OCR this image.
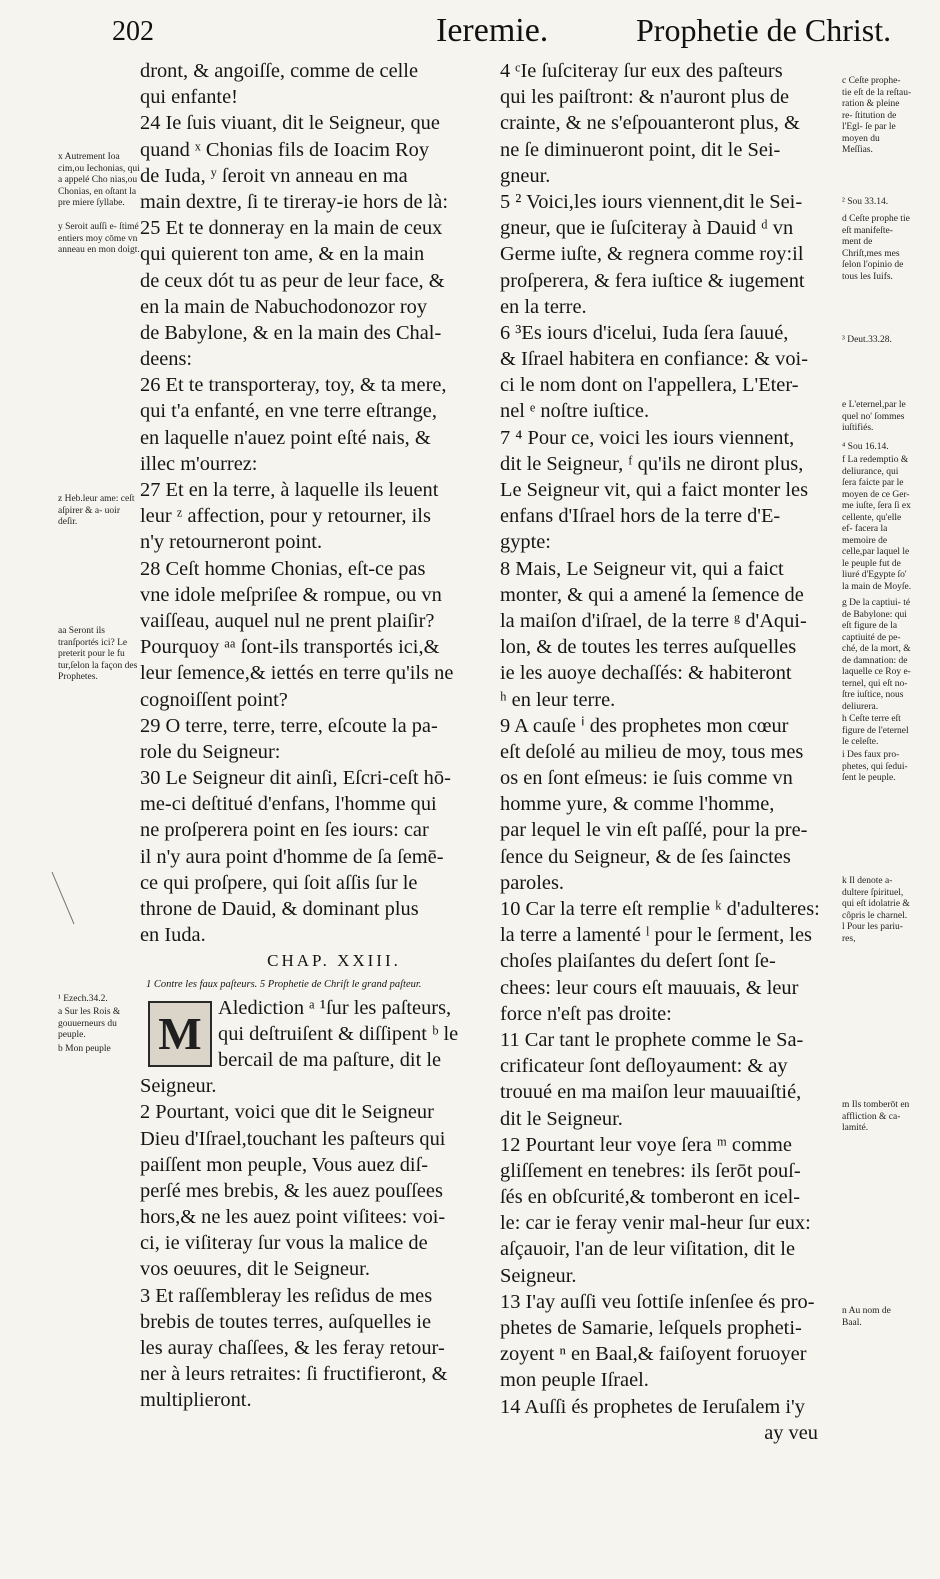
202	Ieremie.	Prophetie de Christ.
dront, & angoiſſe, comme de celle
qui enfante!
24 Ie ſuis viuant, dit le Seigneur, que
quand ˣ Chonias fils de Ioacim Roy
de Iuda, ʸ ſeroit vn anneau en ma
main dextre, ſi te tireray-ie hors de là:
25 Et te donneray en la main de ceux
qui quierent ton ame, & en la main
de ceux dót tu as peur de leur face, &
en la main de Nabuchodonozor roy
de Babylone, & en la main des Chal-
deens:
26 Et te transporteray, toy, & ta mere,
qui t'a enfanté, en vne terre eſtrange,
en laquelle n'auez point eſté nais, &
illec m'ourrez:
27 Et en la terre, à laquelle ils leuent
leur ᶻ affection, pour y retourner, ils
n'y retourneront point.
28 Ceſt homme Chonias, eſt-ce pas
vne idole meſpriſee & rompue, ou vn
vaiſſeau, auquel nul ne prent plaiſir?
Pourquoy ᵃᵃ ſont-ils transportés ici,&
leur ſemence,& iettés en terre qu'ils ne
cognoiſſent point?
29 O terre, terre, terre, eſcoute la pa-
role du Seigneur:
30 Le Seigneur dit ainſi, Eſcri-ceſt hō-
me-ci deſtitué d'enfans, l'homme qui
ne proſperera point en ſes iours: car
il n'y aura point d'homme de ſa ſemē-
ce qui proſpere, qui ſoit aſſis ſur le
throne de Dauid, & dominant plus
en Iuda.
CHAP. XXIII.
1 Contre les faux paſteurs. 5 Prophetie de Chriſt le grand paſteur.
M Alediction ᵃ ¹ſur les paſteurs,
qui deſtruiſent & diſſipent ᵇ le
bercail de ma paſture, dit le
Seigneur.
2 Pourtant, voici que dit le Seigneur
Dieu d'Iſrael,touchant les paſteurs qui
paiſſent mon peuple, Vous auez diſ-
perſé mes brebis, & les auez pouſſees
hors,& ne les auez point viſitees: voi-
ci, ie viſiteray ſur vous la malice de
vos oeuures, dit le Seigneur.
3 Et raſſembleray les reſidus de mes
brebis de toutes terres, auſquelles ie
les auray chaſſees, & les feray retour-
ner à leurs retraites: ſi fructifieront, &
multiplieront.
4 ᶜIe ſuſciteray ſur eux des paſteurs
qui les paiſtront: & n'auront plus de
crainte, & ne s'eſpouanteront plus, &
ne ſe diminueront point, dit le Sei-
gneur.
5 ² Voici,les iours viennent,dit le Sei-
gneur, que ie ſuſciteray à Dauid ᵈ vn
Germe iuſte, & regnera comme roy:il
proſperera, & fera iuſtice & iugement
en la terre.
6 ³Es iours d'icelui, Iuda ſera ſauué,
& Iſrael habitera en confiance: & voi-
ci le nom dont on l'appellera, L'Eter-
nel ᵉ noſtre iuſtice.
7 ⁴ Pour ce, voici les iours viennent,
dit le Seigneur, ᶠ qu'ils ne diront plus,
Le Seigneur vit, qui a faict monter les
enfans d'Iſrael hors de la terre d'E-
gypte:
8 Mais, Le Seigneur vit, qui a faict
monter, & qui a amené la ſemence de
la maiſon d'iſrael, de la terre ᵍ d'Aqui-
lon, & de toutes les terres auſquelles
ie les auoye dechaſſés: & habiteront
ʰ en leur terre.
9 A cauſe ⁱ des prophetes mon cœur
eſt deſolé au milieu de moy, tous mes
os en ſont eſmeus: ie ſuis comme vn
homme yure, & comme l'homme,
par lequel le vin eſt paſſé, pour la pre-
ſence du Seigneur, & de ſes ſainctes
paroles.
10 Car la terre eſt remplie ᵏ d'adulteres:
la terre a lamenté ˡ pour le ſerment, les
choſes plaiſantes du deſert ſont ſe-
chees: leur cours eſt mauuais, & leur
force n'eſt pas droite:
11 Car tant le prophete comme le Sa-
crificateur ſont deſloyaument: & ay
trouué en ma maiſon leur mauuaiſtié,
dit le Seigneur.
12 Pourtant leur voye ſera ᵐ comme
gliſſement en tenebres: ils ſerōt pouſ-
ſés en obſcurité,& tomberont en icel-
le: car ie feray venir mal-heur ſur eux:
aſçauoir, l'an de leur viſitation, dit le
Seigneur.
13 I'ay auſſi veu ſottiſe inſenſee és pro-
phetes de Samarie, leſquels propheti-
zoyent ⁿ en Baal,& faiſoyent foruoyer
mon peuple Iſrael.
14 Auſſi és prophetes de Ieruſalem i'y
ay veu
x Autrement Ioa cim,ou Iechonias, qui a appelé Cho nias,ou Chonias, en oſtant la pre miere ſyllabe.
y Seroit auſſi e- ſtimé entiers moy cōme vn anneau en mon doigt.
z Heb.leur ame: ceſt aſpirer & a- uoir deſir.
aa Seront ils tranſportés ici? Le preterit pour le fu tur,ſelon la façon des Prophetes.
¹ Ezech.34.2.
a Sur les Rois & gouuerneurs du peuple.
b Mon peuple
c Ceſte prophe- tie eſt de la reſtau- ration & pleine re- ſtitution de l'Egl- ſe par le moyen du Meſſias.
² Sou 33.14.
d Ceſte prophe tie eſt manifeſte- ment de Chriſt,mes mes ſelon l'opinio de tous les Iuifs.
³ Deut.33.28.
e L'eternel,par le quel no' ſommes iuſtifiés.
⁴ Sou 16.14.
f La redemptio & deliurance, qui ſera faicte par le moyen de ce Ger- me iuſte, ſera ſi ex cellente, qu'elle ef- facera la memoire de celle,par laquel le le peuple fut de liuré d'Egypte ſo' la main de Moyſe.
g De la captiui- té de Babylone: qui eſt figure de la captiuité de pe- ché, de la mort, & de damnation: de laquelle ce Roy e- ternel, qui eſt no- ſtre iuſtice, nous deliurera.
h Ceſte terre eſt figure de l'eternel le celeſte.
i Des faux pro- phetes, qui ſedui- ſent le peuple.
k Il denote a- dultere ſpirituel, qui eſt idolatrie & côpris le charnel.
l Pour les pariu- res,
m Ils tomberōt en affliction & ca- lamité.
n Au nom de Baal.
